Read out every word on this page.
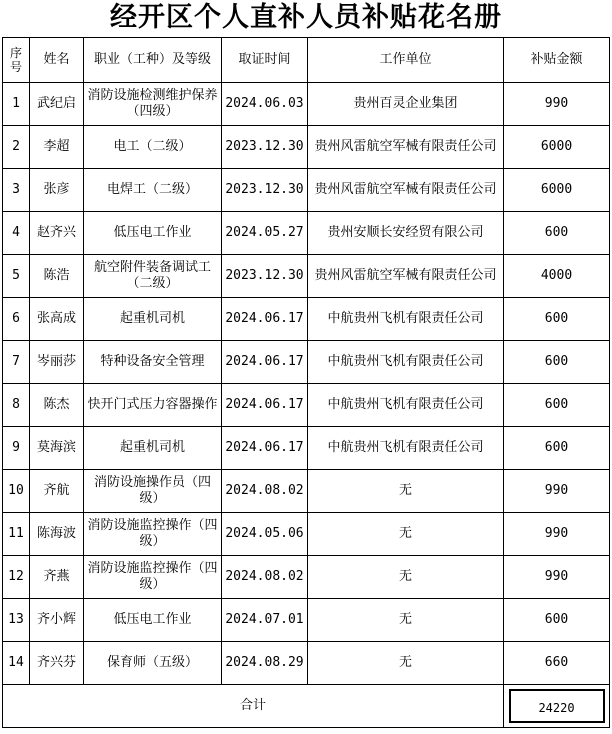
经开区个人直补人员补贴花名册
序号	姓名	职业（工种）及等级	取证时间	工作单位	补贴金额
1	武纪启	消防设施检测维护保养（四级）	2024.06.03	贵州百灵企业集团	990
2	李超	电工（二级）	2023.12.30	贵州风雷航空军械有限责任公司	6000
3	张彦	电焊工（二级）	2023.12.30	贵州风雷航空军械有限责任公司	6000
4	赵齐兴	低压电工作业	2024.05.27	贵州安顺长安经贸有限公司	600
5	陈浩	航空附件装备调试工（二级）	2023.12.30	贵州风雷航空军械有限责任公司	4000
6	张高成	起重机司机	2024.06.17	中航贵州飞机有限责任公司	600
7	岑丽莎	特种设备安全管理	2024.06.17	中航贵州飞机有限责任公司	600
8	陈杰	快开门式压力容器操作	2024.06.17	中航贵州飞机有限责任公司	600
9	莫海滨	起重机司机	2024.06.17	中航贵州飞机有限责任公司	600
10	齐航	消防设施操作员（四级）	2024.08.02	无	990
11	陈海波	消防设施监控操作（四级）	2024.05.06	无	990
12	齐燕	消防设施监控操作（四级）	2024.08.02	无	990
13	齐小辉	低压电工作业	2024.07.01	无	600
14	齐兴芬	保育师（五级）	2024.08.29	无	660
合计					24220
